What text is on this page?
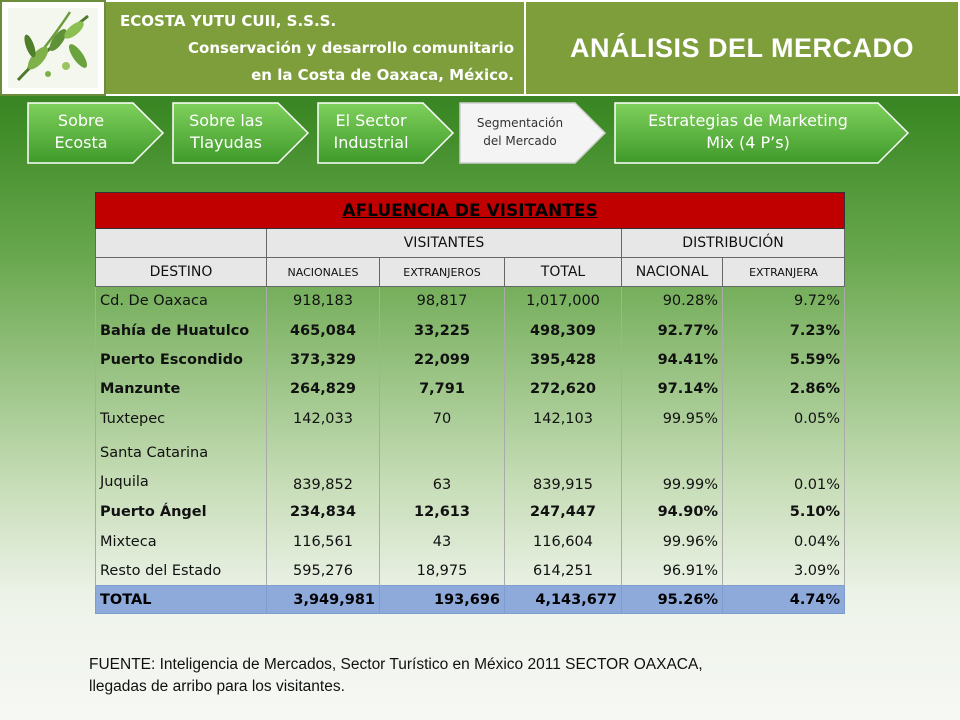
ECOSTA YUTU CUII, S.S.S.
Conservación y desarrollo comunitario
en la Costa de Oaxaca, México.
ANÁLISIS DEL MERCADO
Sobre
Ecosta
Sobre las
Tlayudas
El Sector
Industrial
Segmentación
del Mercado
Estrategias de Marketing
Mix (4 P’s)
AFLUENCIA DE VISITANTES					
	VISITANTES			DISTRIBUCIÓN	
DESTINO	NACIONALES	EXTRANJEROS	TOTAL	NACIONAL	EXTRANJERA
Cd. De Oaxaca	918,183	98,817	1,017,000	90.28%	9.72%
Bahía de Huatulco	465,084	33,225	498,309	92.77%	7.23%
Puerto Escondido	373,329	22,099	395,428	94.41%	5.59%
Manzunte	264,829	7,791	272,620	97.14%	2.86%
Tuxtepec	142,033	70	142,103	99.95%	0.05%
Santa Catarina
Juquila	839,852	63	839,915	99.99%	0.01%
Puerto Ángel	234,834	12,613	247,447	94.90%	5.10%
Mixteca	116,561	43	116,604	99.96%	0.04%
Resto del Estado	595,276	18,975	614,251	96.91%	3.09%
TOTAL	3,949,981	193,696	4,143,677	95.26%	4.74%
FUENTE: Inteligencia de Mercados, Sector Turístico en México 2011 SECTOR OAXACA,
llegadas de arribo para los visitantes.
